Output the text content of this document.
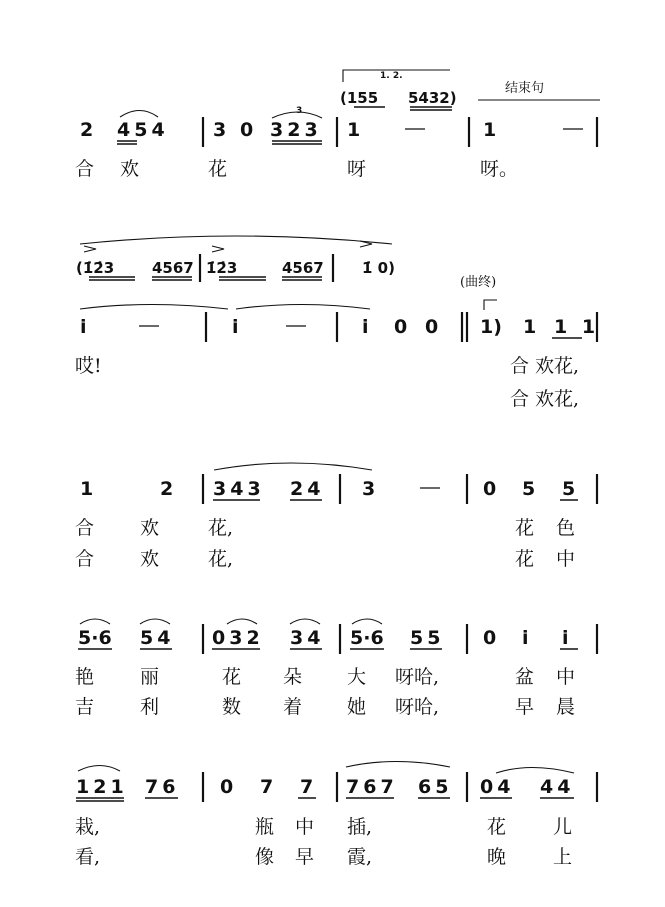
1. 2.
结束句
(155 5432)
2 454 3 0 323
3
1	1
合 欢	花	呀	呀。
(1̇2̇3	4567 1̇2̇3	4567	1̇ 0)
(曲终)
i	i	i 0 0 1) 1 1 1
哎!	合 欢花,
合 欢花,
1	2 343 24 3	0 5 5
合 欢	花,	花 色
合 欢	花,	花 中
5·6 54 032 34 5·6 55 0 i i
艳 丽	花 朵 大 呀哈,	盆 中
吉 利	数 着 她 呀哈,	早 晨
121 76 0 7 7 767 65 04 44
栽,	瓶 中 插,	花 儿
看,	像 早 霞,	晚 上
